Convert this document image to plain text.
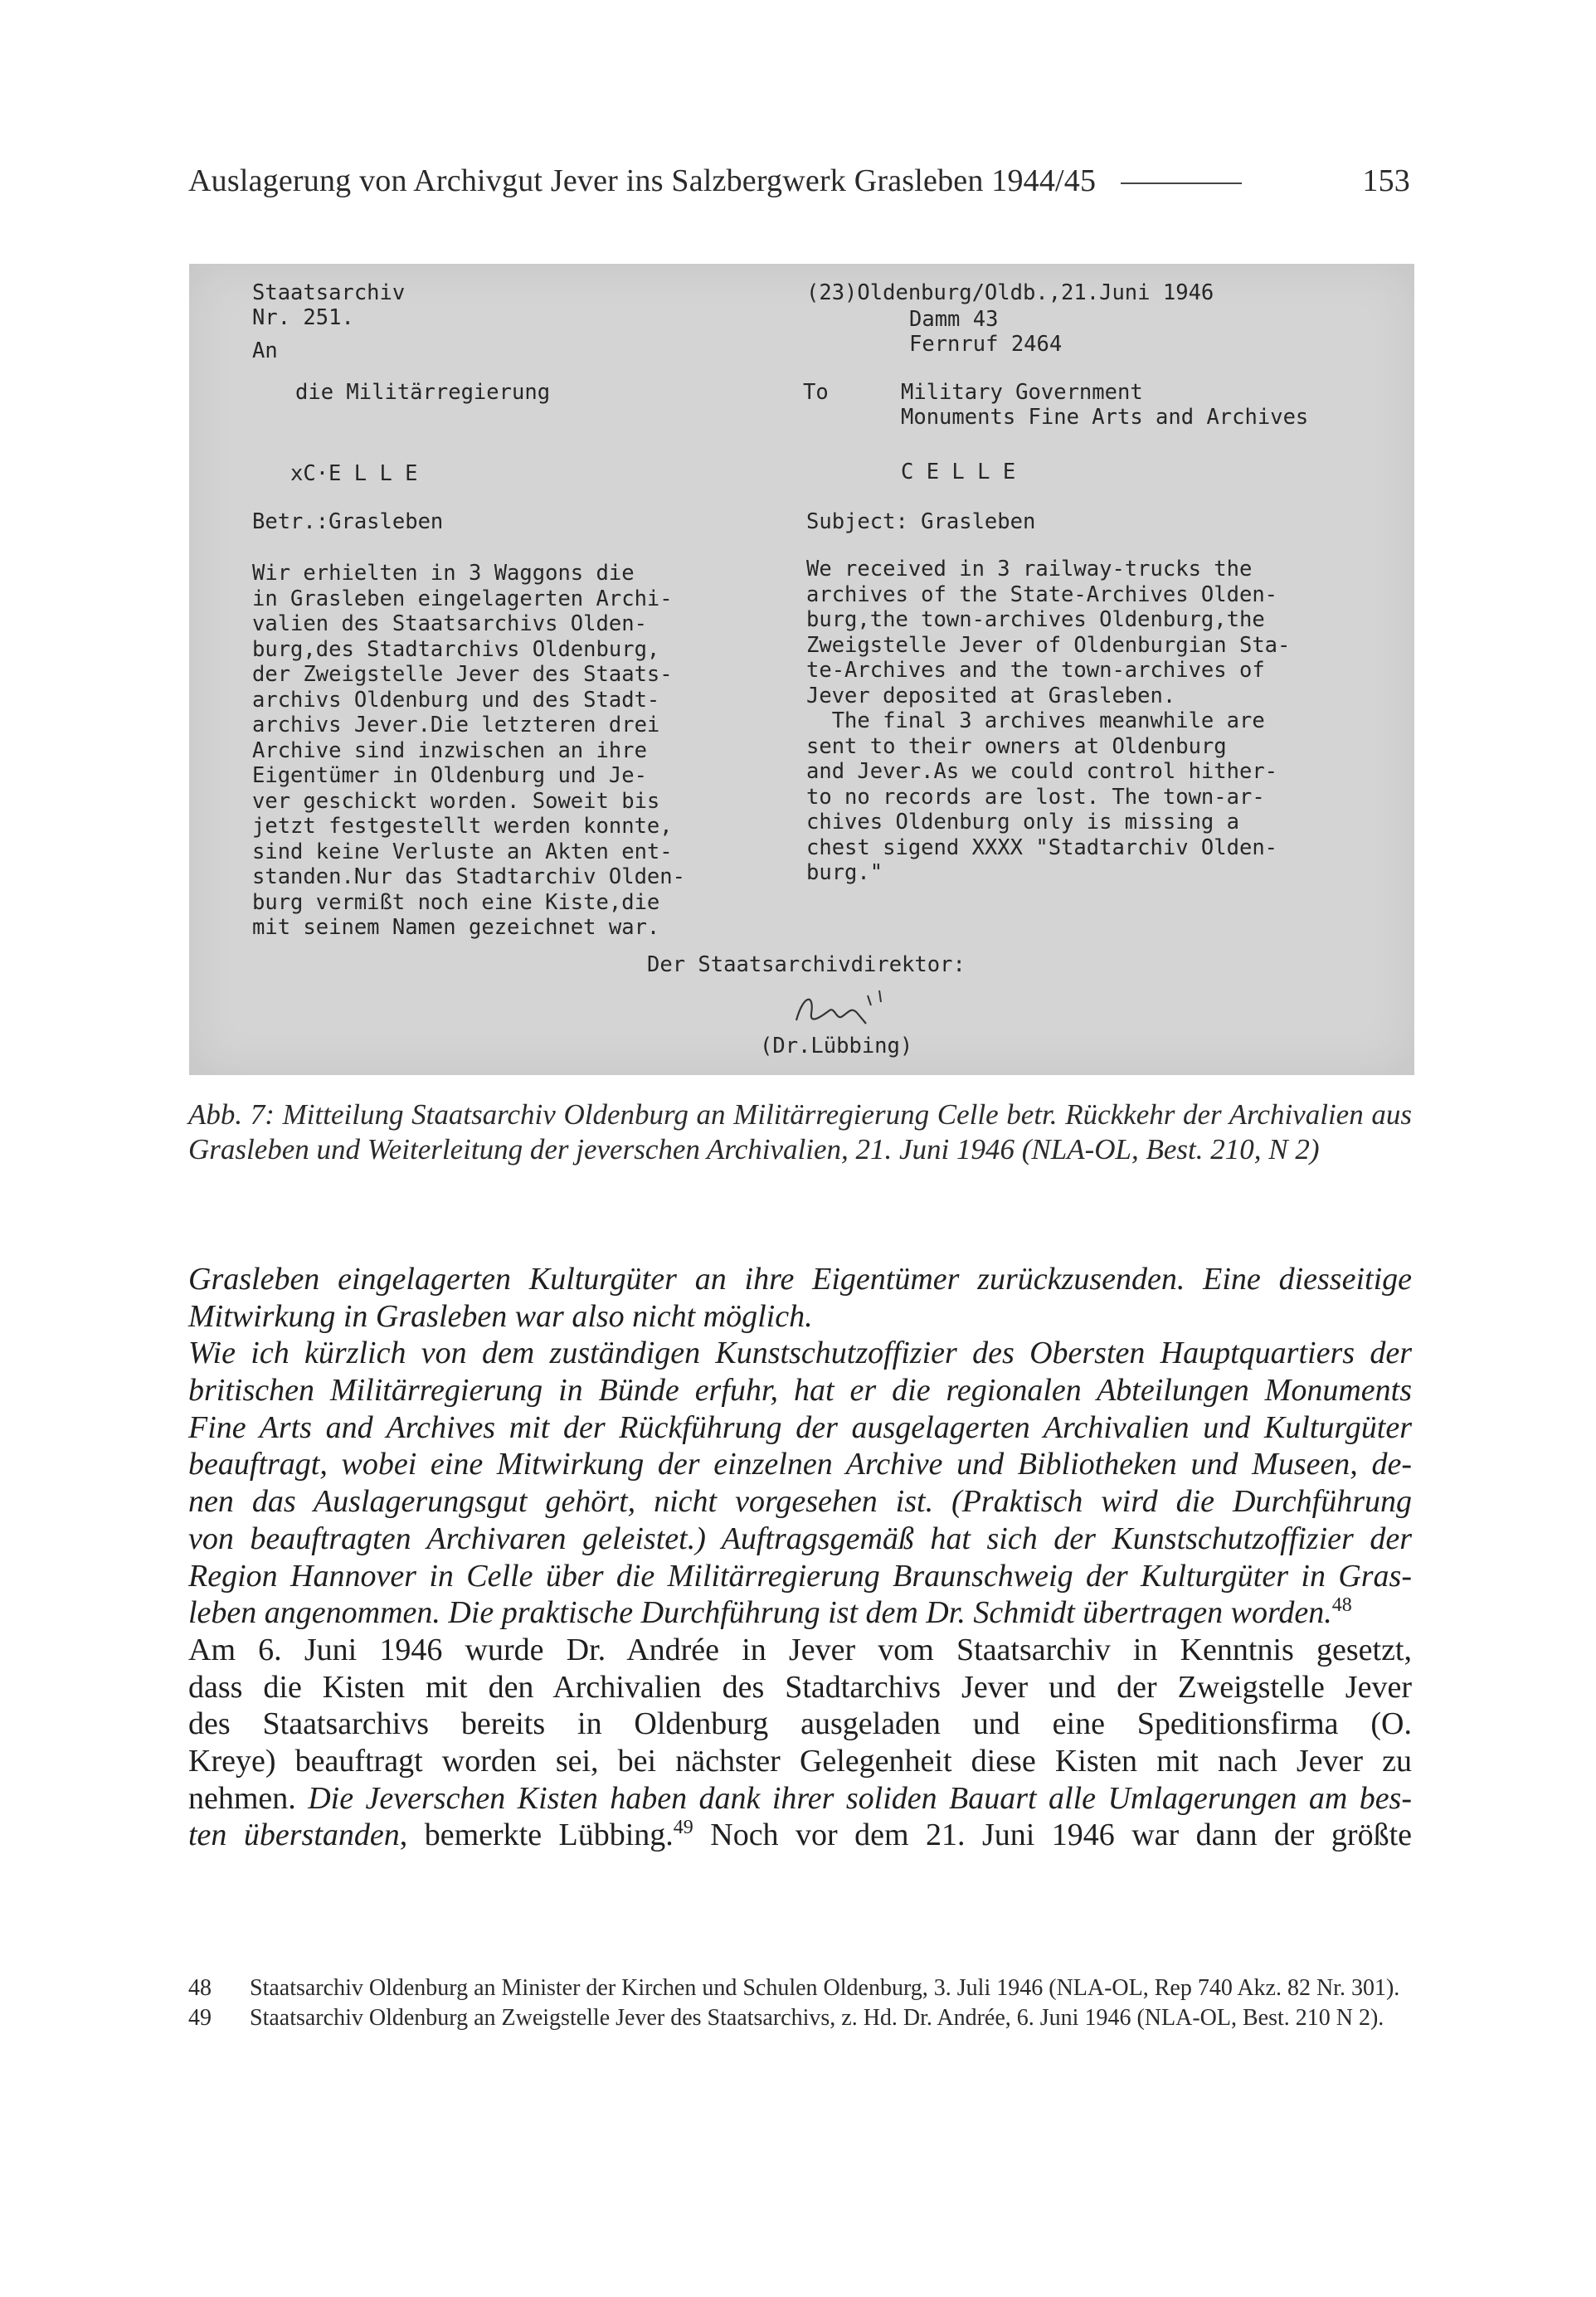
Auslagerung von Archivgut Jever ins Salzbergwerk Grasleben 1944/45	153
Staatsarchiv
Nr. 251.
An
die Militärregierung
xC·E L L E
Betr.:Grasleben
(23)Oldenburg/Oldb.,21.Juni 1946
Damm 43
Fernruf 2464
To	Military Government
Monuments Fine Arts and Archives
C E L L E
Subject: Grasleben
Wir erhielten in 3 Waggons die
in Grasleben eingelagerten Archi-
valien des Staatsarchivs Olden-
burg,des Stadtarchivs Oldenburg,
der Zweigstelle Jever des Staats-
archivs Oldenburg und des Stadt-
archivs Jever.Die letzteren drei
Archive sind inzwischen an ihre
Eigentümer in Oldenburg und Je-
ver geschickt worden. Soweit bis
jetzt festgestellt werden konnte,
sind keine Verluste an Akten ent-
standen.Nur das Stadtarchiv Olden-
burg vermißt noch eine Kiste,die
mit seinem Namen gezeichnet war.
We received in 3 railway-trucks the
archives of the State-Archives Olden-
burg,the town-archives Oldenburg,the
Zweigstelle Jever of Oldenburgian Sta-
te-Archives and the town-archives of
Jever deposited at Grasleben.
The final 3 archives meanwhile are
sent to their owners at Oldenburg
and Jever.As we could control hither-
to no records are lost. The town-ar-
chives Oldenburg only is missing a
chest sigend XXXX "Stadtarchiv Olden-
burg."
Der Staatsarchivdirektor:
(Dr.Lübbing)

Abb. 7: Mitteilung Staatsarchiv Oldenburg an Militärregierung Celle betr. Rückkehr der Archivalien aus Grasleben und Weiterleitung der jeverschen Archivalien, 21. Juni 1946 (NLA-OL, Best. 210, N 2)

Grasleben eingelagerten Kulturgüter an ihre Eigentümer zurückzusenden. Eine diesseitige
Mitwirkung in Grasleben war also nicht möglich.
Wie ich kürzlich von dem zuständigen Kunstschutzoffizier des Obersten Hauptquartiers der
britischen Militärregierung in Bünde erfuhr, hat er die regionalen Abteilungen Monuments
Fine Arts and Archives mit der Rückführung der ausgelagerten Archivalien und Kulturgüter
beauftragt, wobei eine Mitwirkung der einzelnen Archive und Bibliotheken und Museen, de-
nen das Auslagerungsgut gehört, nicht vorgesehen ist. (Praktisch wird die Durchführung
von beauftragten Archivaren geleistet.) Auftragsgemäß hat sich der Kunstschutzoffizier der
Region Hannover in Celle über die Militärregierung Braunschweig der Kulturgüter in Gras-
leben angenommen. Die praktische Durchführung ist dem Dr. Schmidt übertragen worden.$^{48}$
Am 6. Juni 1946 wurde Dr. Andrée in Jever vom Staatsarchiv in Kenntnis gesetzt,
dass die Kisten mit den Archivalien des Stadtarchivs Jever und der Zweigstelle Jever
des Staatsarchivs bereits in Oldenburg ausgeladen und eine Speditionsfirma (O.
Kreye) beauftragt worden sei, bei nächster Gelegenheit diese Kisten mit nach Jever zu
nehmen. Die Jeverschen Kisten haben dank ihrer soliden Bauart alle Umlagerungen am bes-
ten überstanden, bemerkte Lübbing.$^{49}$ Noch vor dem 21. Juni 1946 war dann der größte
48	Staatsarchiv Oldenburg an Minister der Kirchen und Schulen Oldenburg, 3. Juli 1946 (NLA-OL, Rep 740 Akz. 82 Nr. 301).
49	Staatsarchiv Oldenburg an Zweigstelle Jever des Staatsarchivs, z. Hd. Dr. Andrée, 6. Juni 1946 (NLA-OL, Best. 210 N 2).
